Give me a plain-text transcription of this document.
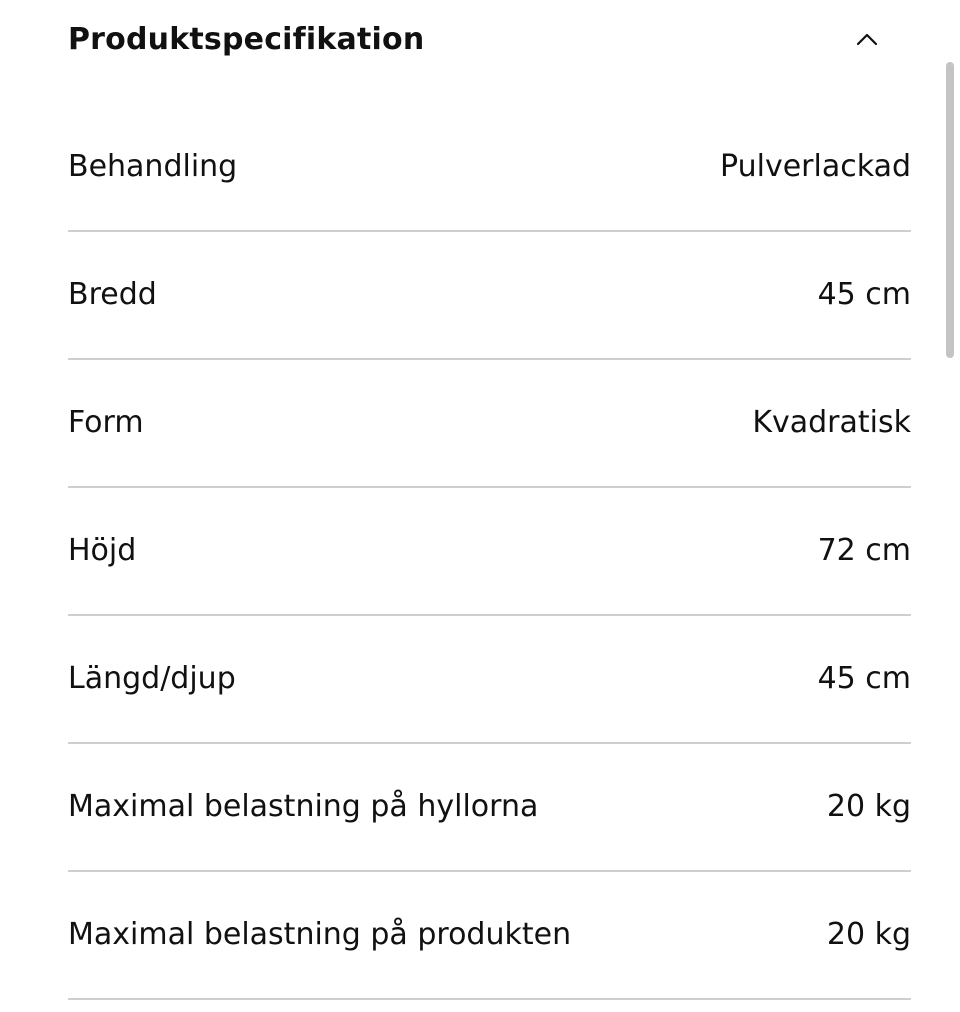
Produktspecifikation
Behandling	Pulverlackad
Bredd	45 cm
Form	Kvadratisk
Höjd	72 cm
Längd/djup	45 cm
Maximal belastning på hyllorna	20 kg
Maximal belastning på produkten	20 kg
